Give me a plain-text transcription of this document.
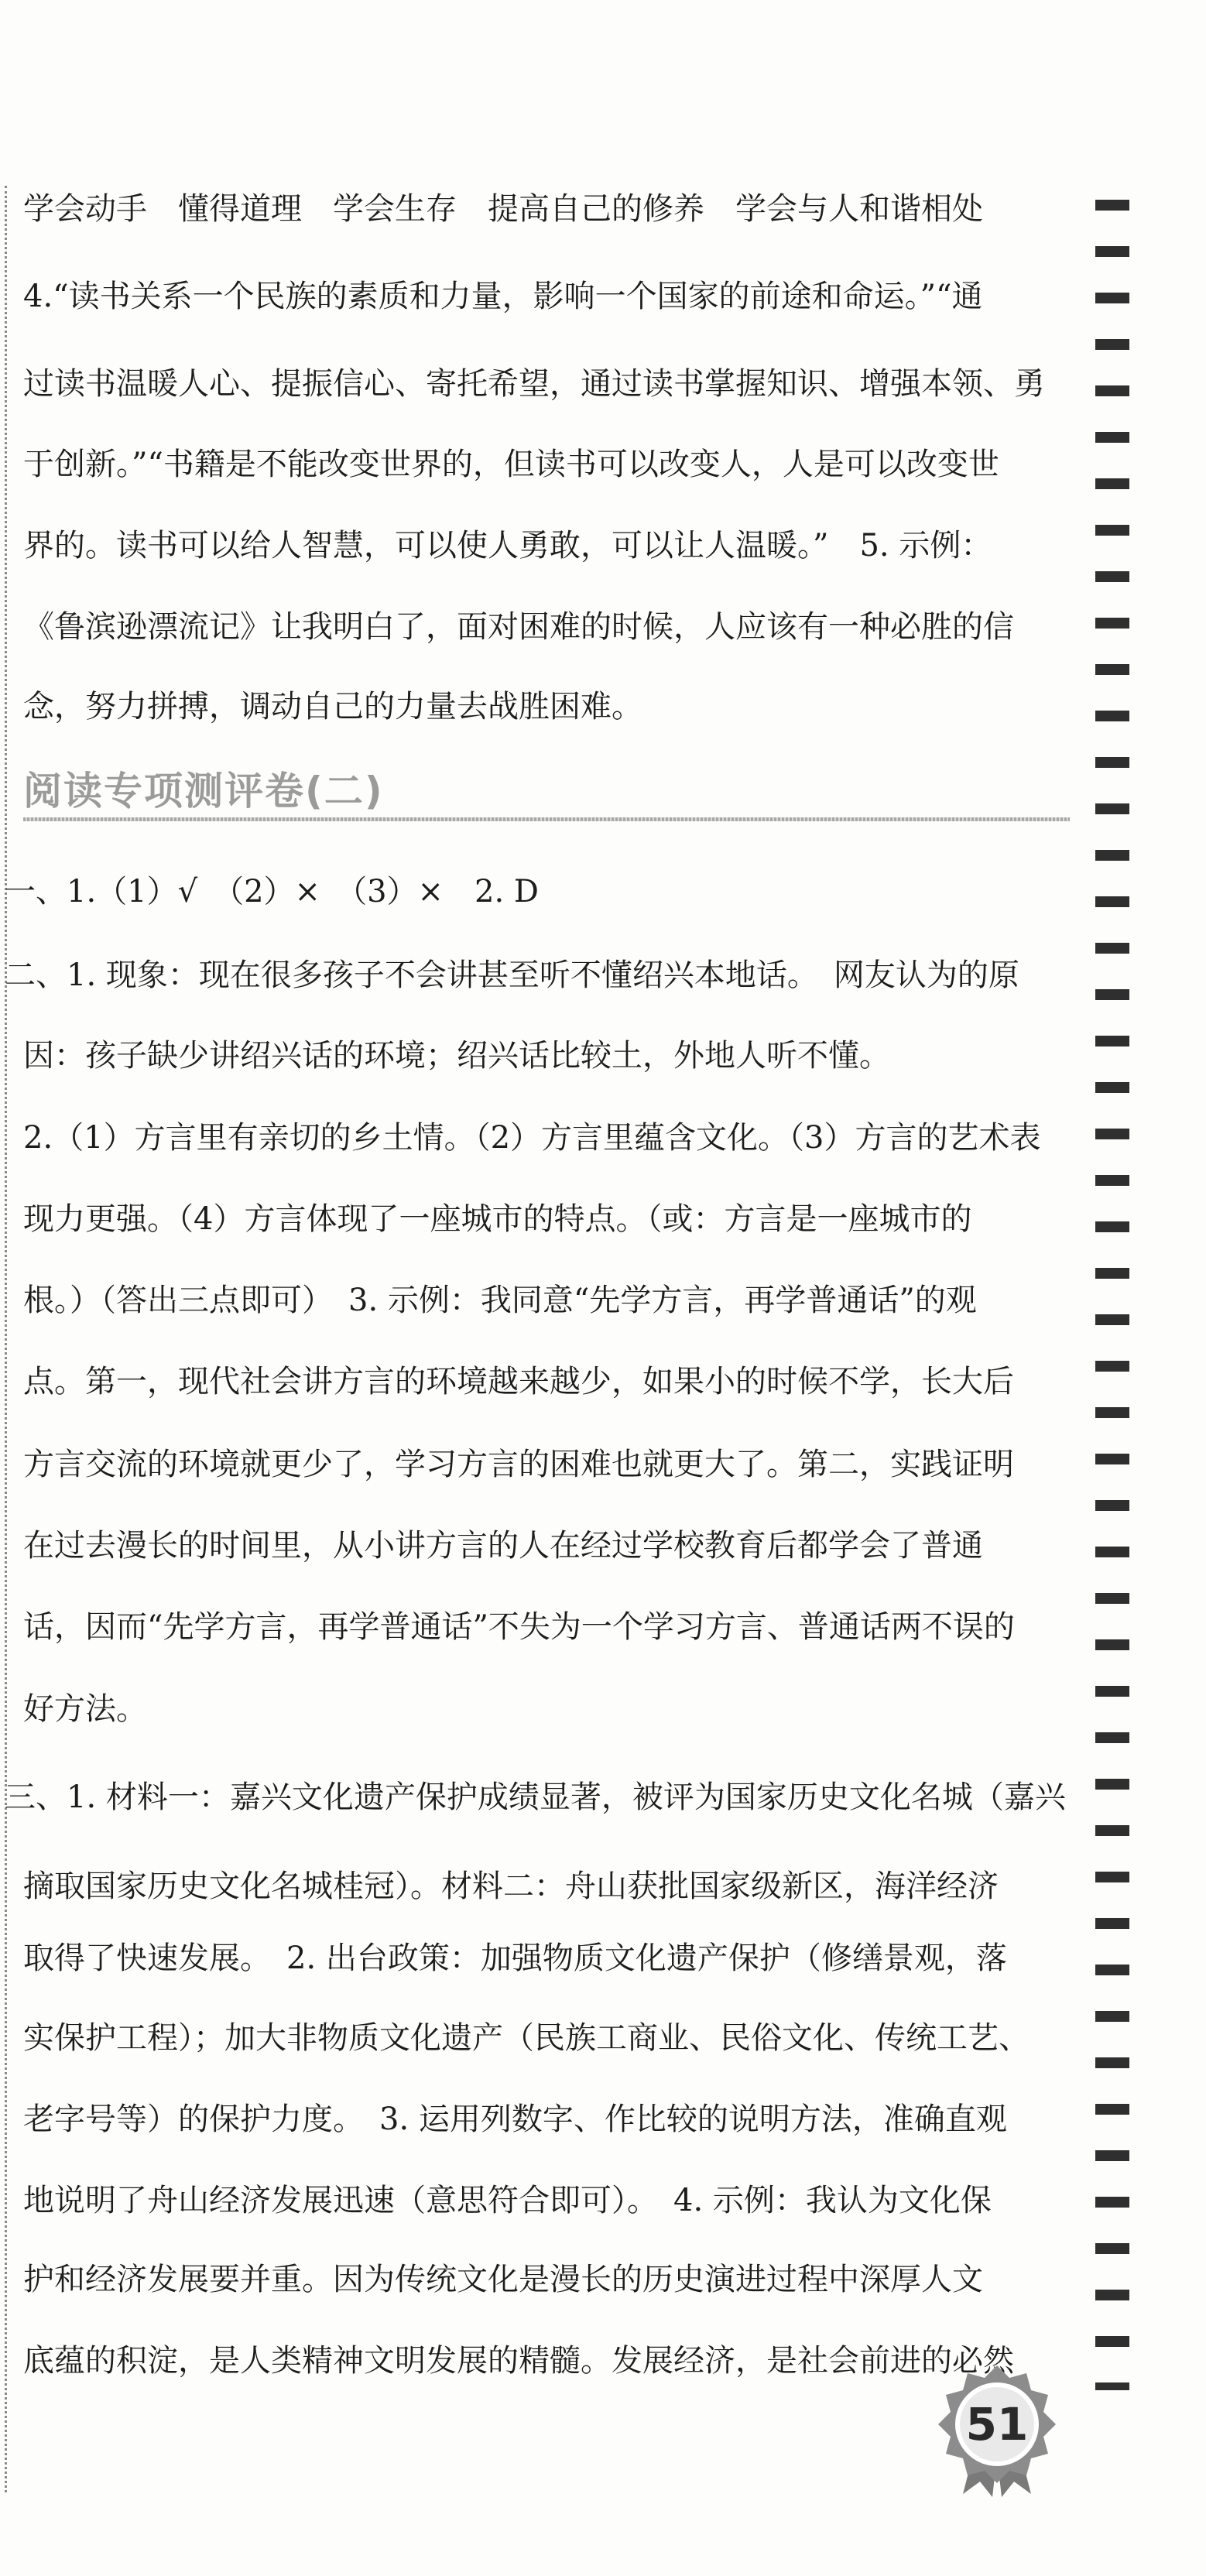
学会动手　懂得道理　学会生存　提高自己的修养　学会与人和谐相处

4.“读书关系一个民族的素质和力量，影响一个国家的前途和命运。”“通

过读书温暖人心、提振信心、寄托希望，通过读书掌握知识、增强本领、勇

于创新。”“书籍是不能改变世界的，但读书可以改变人，人是可以改变世

界的。读书可以给人智慧，可以使人勇敢，可以让人温暖。”　5. 示例：

《鲁滨逊漂流记》让我明白了，面对困难的时候，人应该有一种必胜的信

念，努力拼搏，调动自己的力量去战胜困难。

阅读专项测评卷(二)

一、1.（1）√　（2）×　（3）×　2. D

二、1. 现象：现在很多孩子不会讲甚至听不懂绍兴本地话。　网友认为的原

因：孩子缺少讲绍兴话的环境；绍兴话比较土，外地人听不懂。

2.（1）方言里有亲切的乡土情。（2）方言里蕴含文化。（3）方言的艺术表

现力更强。（4）方言体现了一座城市的特点。（或：方言是一座城市的

根。）（答出三点即可）　3. 示例：我同意“先学方言，再学普通话”的观

点。第一，现代社会讲方言的环境越来越少，如果小的时候不学，长大后

方言交流的环境就更少了，学习方言的困难也就更大了。第二，实践证明

在过去漫长的时间里，从小讲方言的人在经过学校教育后都学会了普通

话，因而“先学方言，再学普通话”不失为一个学习方言、普通话两不误的

好方法。

三、1. 材料一：嘉兴文化遗产保护成绩显著，被评为国家历史文化名城（嘉兴

摘取国家历史文化名城桂冠）。材料二：舟山获批国家级新区，海洋经济

取得了快速发展。　2. 出台政策：加强物质文化遗产保护（修缮景观，落

实保护工程）；加大非物质文化遗产（民族工商业、民俗文化、传统工艺、

老字号等）的保护力度。　3. 运用列数字、作比较的说明方法，准确直观

地说明了舟山经济发展迅速（意思符合即可）。　4. 示例：我认为文化保

护和经济发展要并重。因为传统文化是漫长的历史演进过程中深厚人文

底蕴的积淀，是人类精神文明发展的精髓。发展经济，是社会前进的必然

51
